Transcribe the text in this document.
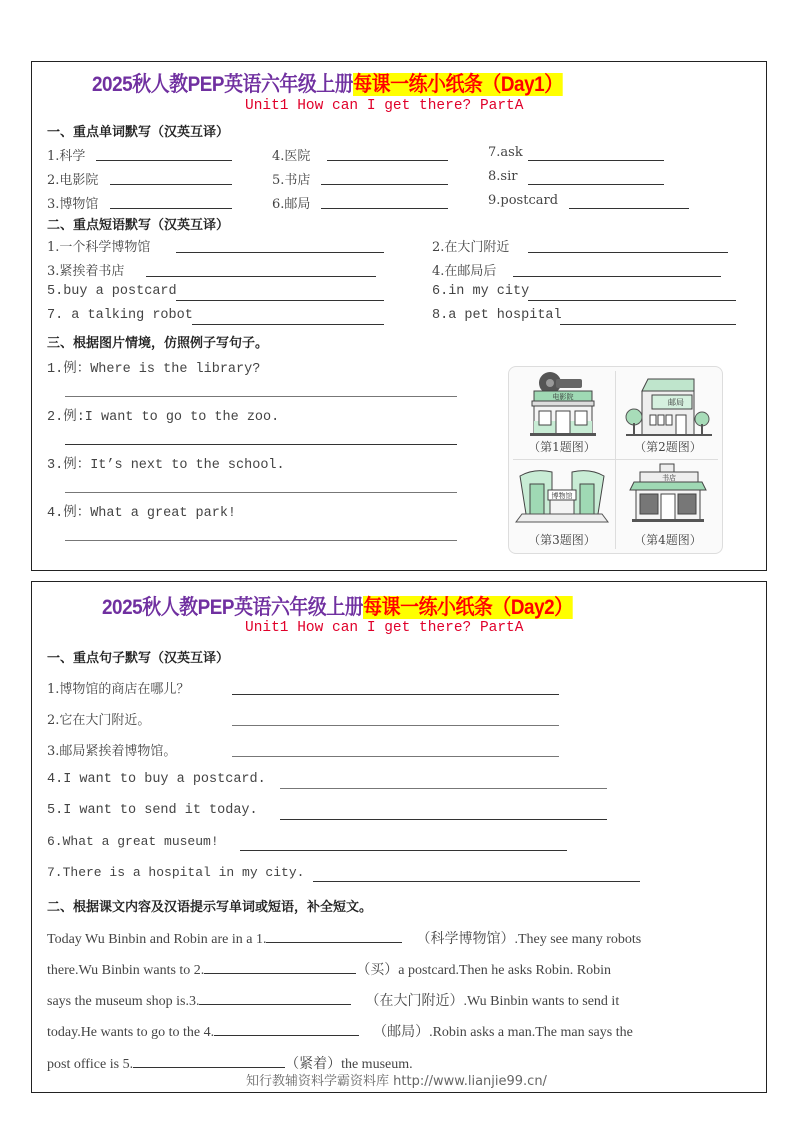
2025秋人教PEP英语六年级上册每课一练小纸条（Day1）
Unit1 How can I get there? PartA
一、重点单词默写（汉英互译）
1.科学
2.电影院
3.博物馆
4.医院
5.书店
6.邮局
7.ask
8.sir
9.postcard
二、重点短语默写（汉英互译）
1.一个科学博物馆	2.在大门附近
3.紧挨着书店	4.在邮局后
5.buy a postcard	6.in my city
7. a talking robot	8.a pet hospital
三、根据图片情境，仿照例子写句子。
1.例：Where is the library?
2.例:I want to go to the zoo.
3.例：It’s next to the school.
4.例：What a great park!
电影院
（第1题图）
邮局
（第2题图）
博物馆
（第3题图）
书店
（第4题图）
2025秋人教PEP英语六年级上册每课一练小纸条（Day2）
Unit1 How can I get there? PartA
一、重点句子默写（汉英互译）
1.博物馆的商店在哪儿？
2.它在大门附近。
3.邮局紧挨着博物馆。
4.I want to buy a postcard.
5.I want to send it today.
6.What a great museum!
7.There is a hospital in my city.
二、根据课文内容及汉语提示写单词或短语，补全短文。
Today Wu Binbin and Robin are in a 1.	（科学博物馆）.They see many robots
there.Wu Binbin wants to 2.	（买）a postcard.Then he asks Robin. Robin
says the museum shop is.3.	（在大门附近）.Wu Binbin wants to send it
today.He wants to go to the 4.	（邮局）.Robin asks a man.The man says the
post office is 5.	（紧着）the museum.
知行教辅资料学霸资料库 http://www.lianjie99.cn/
